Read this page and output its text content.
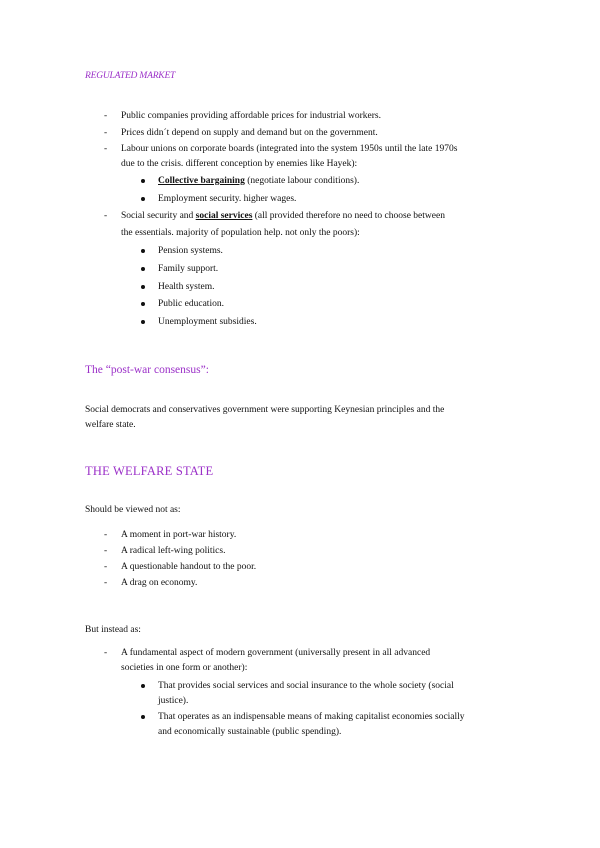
REGULATED MARKET
- Public companies providing affordable prices for industrial workers.
- Prices didn´t depend on supply and demand but on the government.
- Labour unions on corporate boards (integrated into the system 1950s until the late 1970s
due to the crisis. different conception by enemies like Hayek):
Collective bargaining (negotiate labour conditions).
Employment security. higher wages.
- Social security and social services (all provided therefore no need to choose between
the essentials. majority of population help. not only the poors):
Pension systems.
Family support.
Health system.
Public education.
Unemployment subsidies.
The “post-war consensus”:
Social democrats and conservatives government were supporting Keynesian principles and the
welfare state.
THE WELFARE STATE
Should be viewed not as:
- A moment in port-war history.
- A radical left-wing politics.
- A questionable handout to the poor.
- A drag on economy.
But instead as:
- A fundamental aspect of modern government (universally present in all advanced
societies in one form or another):
That provides social services and social insurance to the whole society (social
justice).
That operates as an indispensable means of making capitalist economies socially
and economically sustainable (public spending).
